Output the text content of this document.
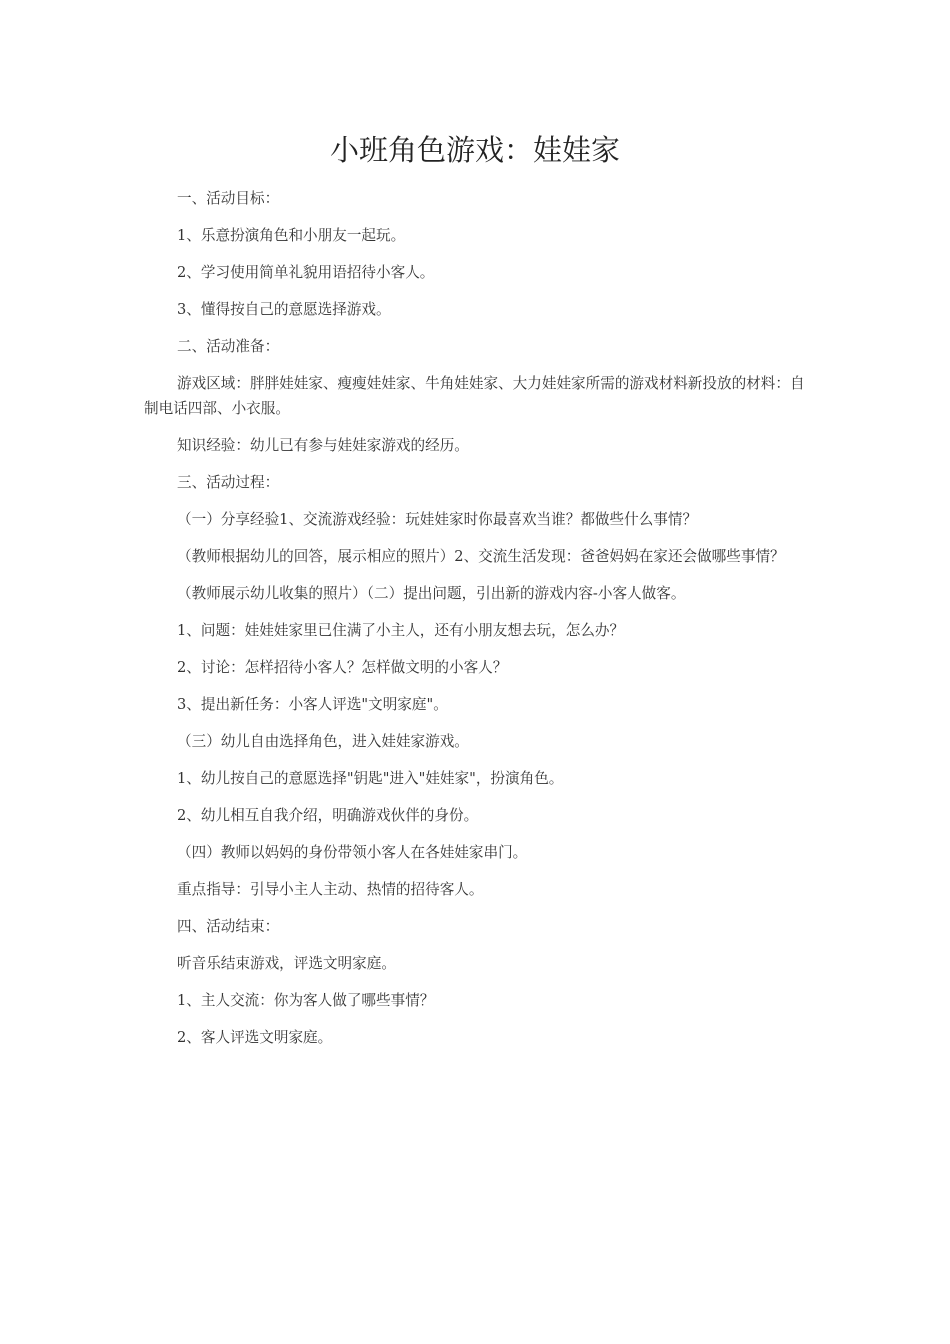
小班角色游戏：娃娃家

一、活动目标：

1、乐意扮演角色和小朋友一起玩。

2、学习使用简单礼貌用语招待小客人。

3、懂得按自己的意愿选择游戏。

二、活动准备：

游戏区域：胖胖娃娃家、瘦瘦娃娃家、牛角娃娃家、大力娃娃家所需的游戏材料新投放的材料：自制电话四部、小衣服。

知识经验：幼儿已有参与娃娃家游戏的经历。

三、活动过程：

（一）分享经验1、交流游戏经验：玩娃娃家时你最喜欢当谁？都做些什么事情？

（教师根据幼儿的回答，展示相应的照片）2、交流生活发现：爸爸妈妈在家还会做哪些事情？

（教师展示幼儿收集的照片）（二）提出问题，引出新的游戏内容-小客人做客。

1、问题：娃娃娃家里已住满了小主人，还有小朋友想去玩，怎么办？

2、讨论：怎样招待小客人？怎样做文明的小客人？

3、提出新任务：小客人评选"文明家庭"。

（三）幼儿自由选择角色，进入娃娃家游戏。

1、幼儿按自己的意愿选择"钥匙"进入"娃娃家"，扮演角色。

2、幼儿相互自我介绍，明确游戏伙伴的身份。

（四）教师以妈妈的身份带领小客人在各娃娃家串门。

重点指导：引导小主人主动、热情的招待客人。

四、活动结束：

听音乐结束游戏，评选文明家庭。

1、主人交流：你为客人做了哪些事情？

2、客人评选文明家庭。
